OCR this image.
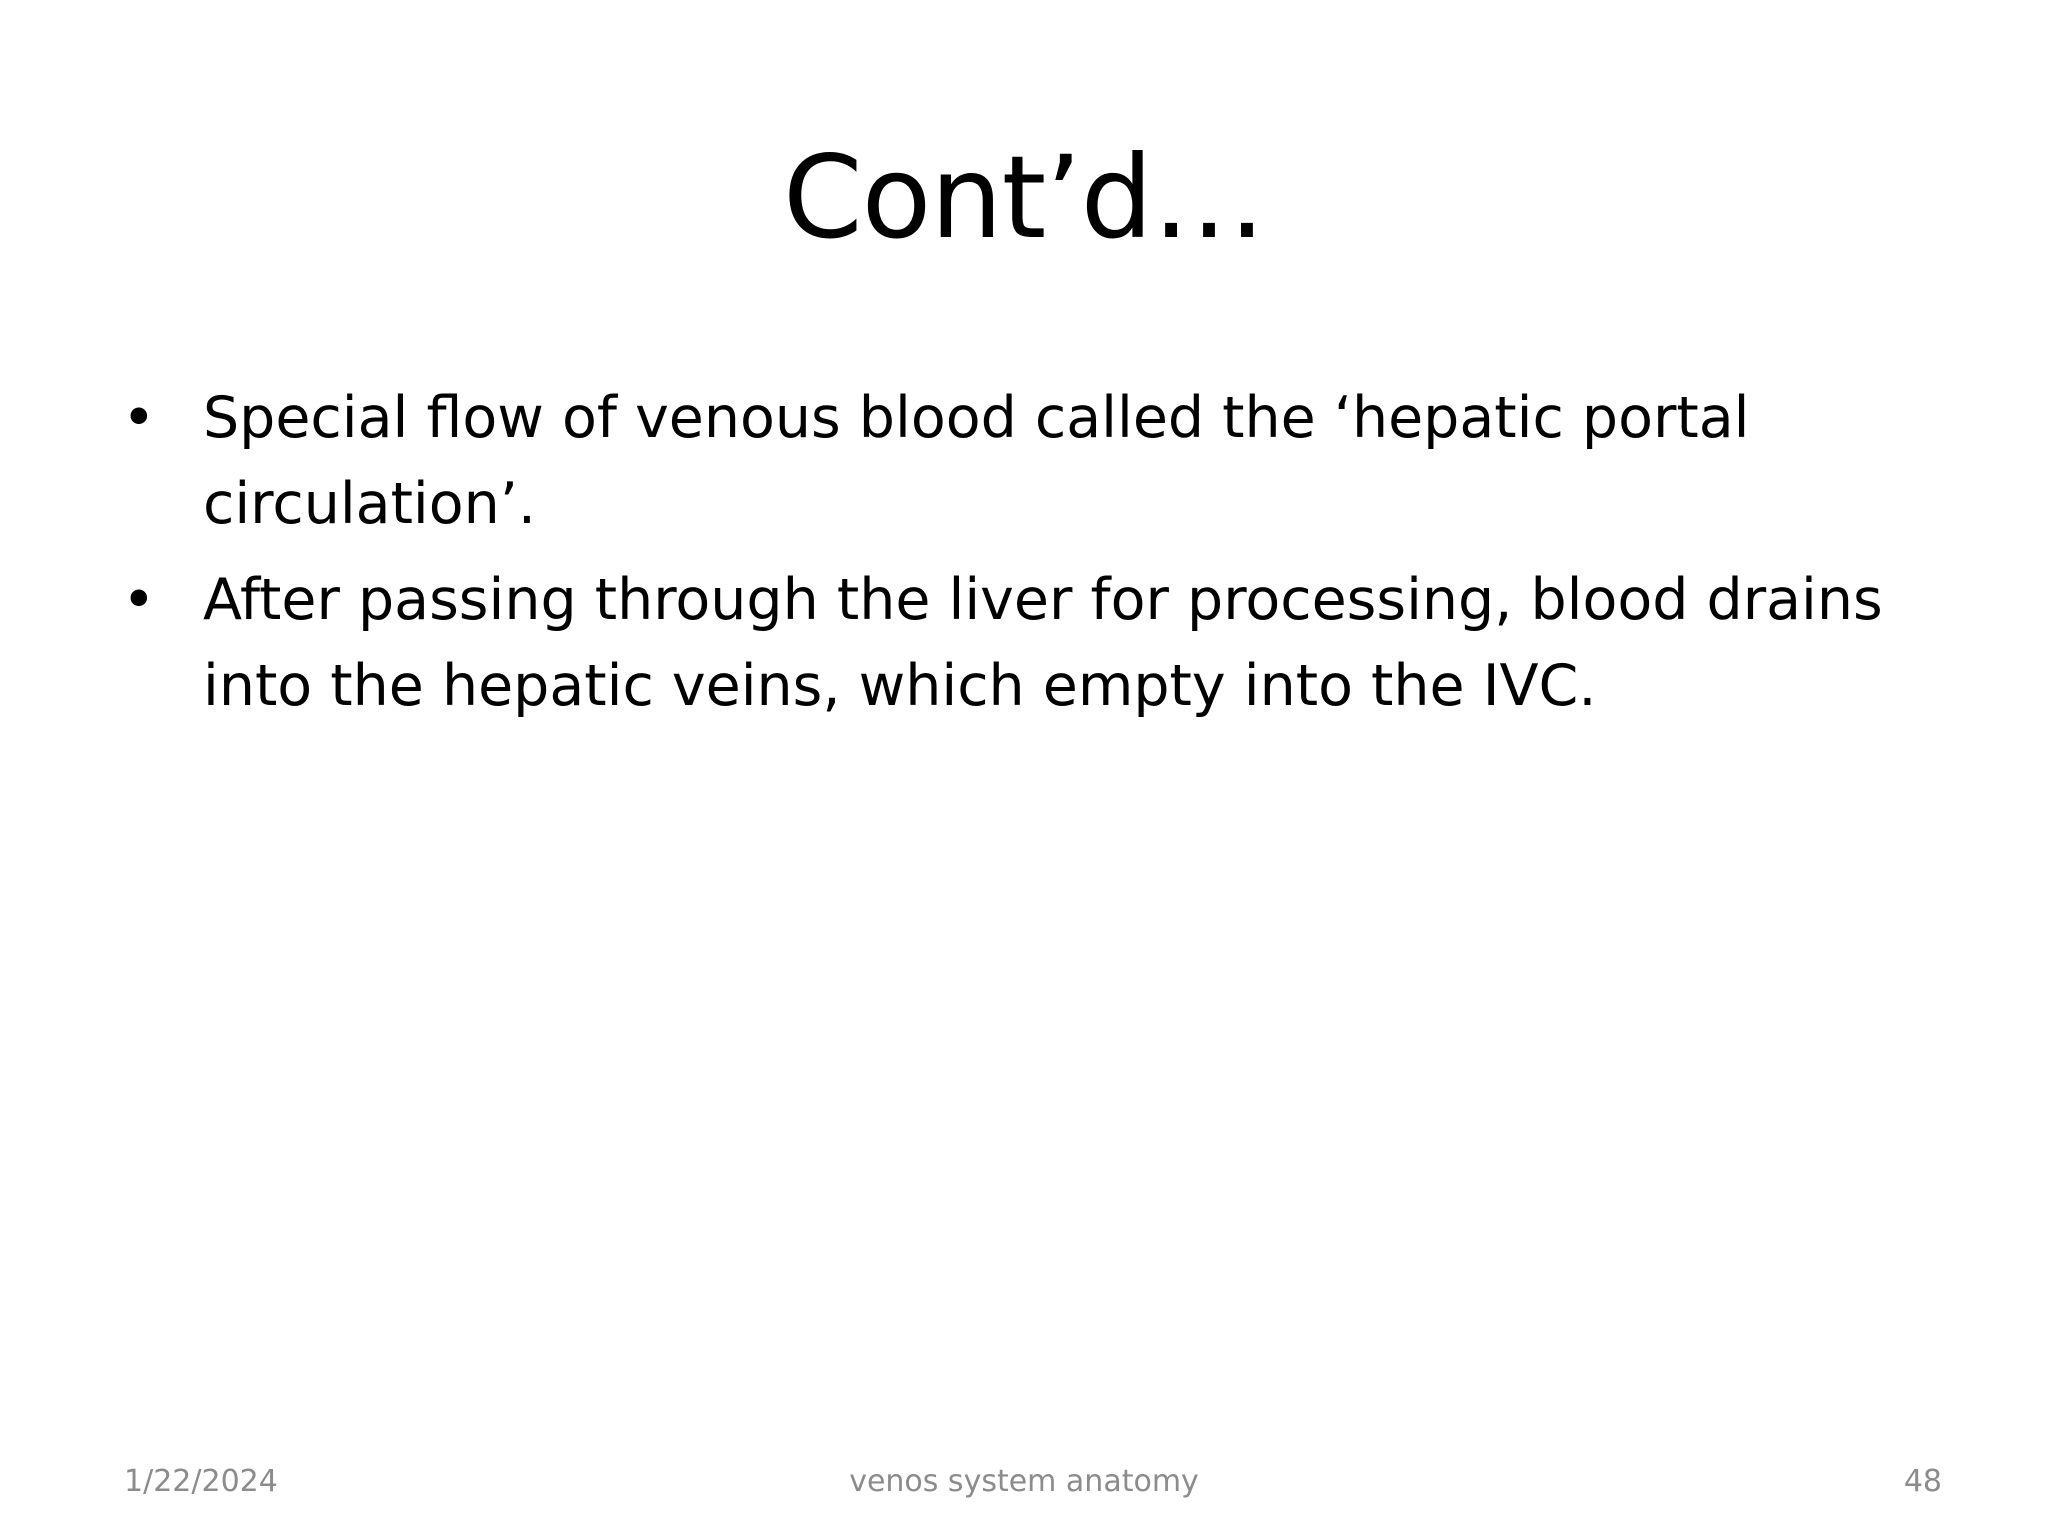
Cont’d…
• Special flow of venous blood called the ‘hepatic portal circulation’.
• After passing through the liver for processing, blood drains into the hepatic veins, which empty into the IVC.
1/22/2024	venos system anatomy	48
